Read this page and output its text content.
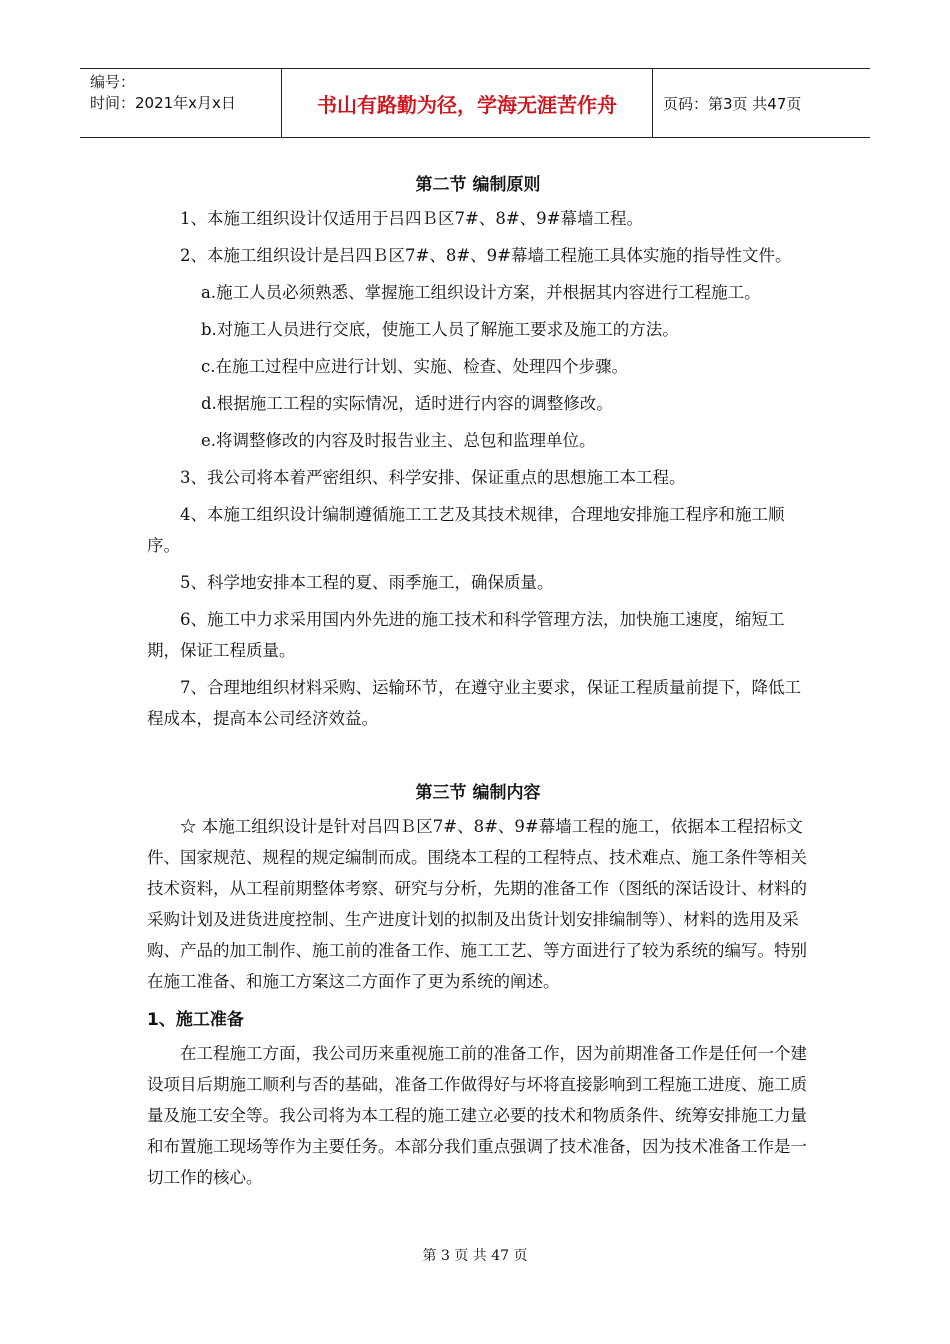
编号：
时间：2021年x月x日	书山有路勤为径，学海无涯苦作舟	页码：第3页 共47页

第二节 编制原则

1、本施工组织设计仅适用于吕四Ｂ区7#、8#、9#幕墙工程。

2、本施工组织设计是吕四Ｂ区7#、8#、9#幕墙工程施工具体实施的指导性文件。

a.施工人员必须熟悉、掌握施工组织设计方案，并根据其内容进行工程施工。

b.对施工人员进行交底，使施工人员了解施工要求及施工的方法。

c.在施工过程中应进行计划、实施、检查、处理四个步骤。

d.根据施工工程的实际情况，适时进行内容的调整修改。

e.将调整修改的内容及时报告业主、总包和监理单位。

3、我公司将本着严密组织、科学安排、保证重点的思想施工本工程。

4、本施工组织设计编制遵循施工工艺及其技术规律，合理地安排施工程序和施工顺序。

5、科学地安排本工程的夏、雨季施工，确保质量。

6、施工中力求采用国内外先进的施工技术和科学管理方法，加快施工速度，缩短工期，保证工程质量。

7、合理地组织材料采购、运输环节，在遵守业主要求，保证工程质量前提下，降低工程成本，提高本公司经济效益。

第三节 编制内容

☆ 本施工组织设计是针对吕四Ｂ区7#、8#、9#幕墙工程的施工，依据本工程招标文件、国家规范、规程的规定编制而成。围绕本工程的工程特点、技术难点、施工条件等相关技术资料，从工程前期整体考察、研究与分析，先期的准备工作（图纸的深话设计、材料的采购计划及进货进度控制、生产进度计划的拟制及出货计划安排编制等）、材料的选用及采购、产品的加工制作、施工前的准备工作、施工工艺、等方面进行了较为系统的编写。特别在施工准备、和施工方案这二方面作了更为系统的阐述。

1、施工准备

在工程施工方面，我公司历来重视施工前的准备工作，因为前期准备工作是任何一个建设项目后期施工顺利与否的基础，准备工作做得好与坏将直接影响到工程施工进度、施工质量及施工安全等。我公司将为本工程的施工建立必要的技术和物质条件、统筹安排施工力量和布置施工现场等作为主要任务。本部分我们重点强调了技术准备，因为技术准备工作是一切工作的核心。

第 3 页 共 47 页
